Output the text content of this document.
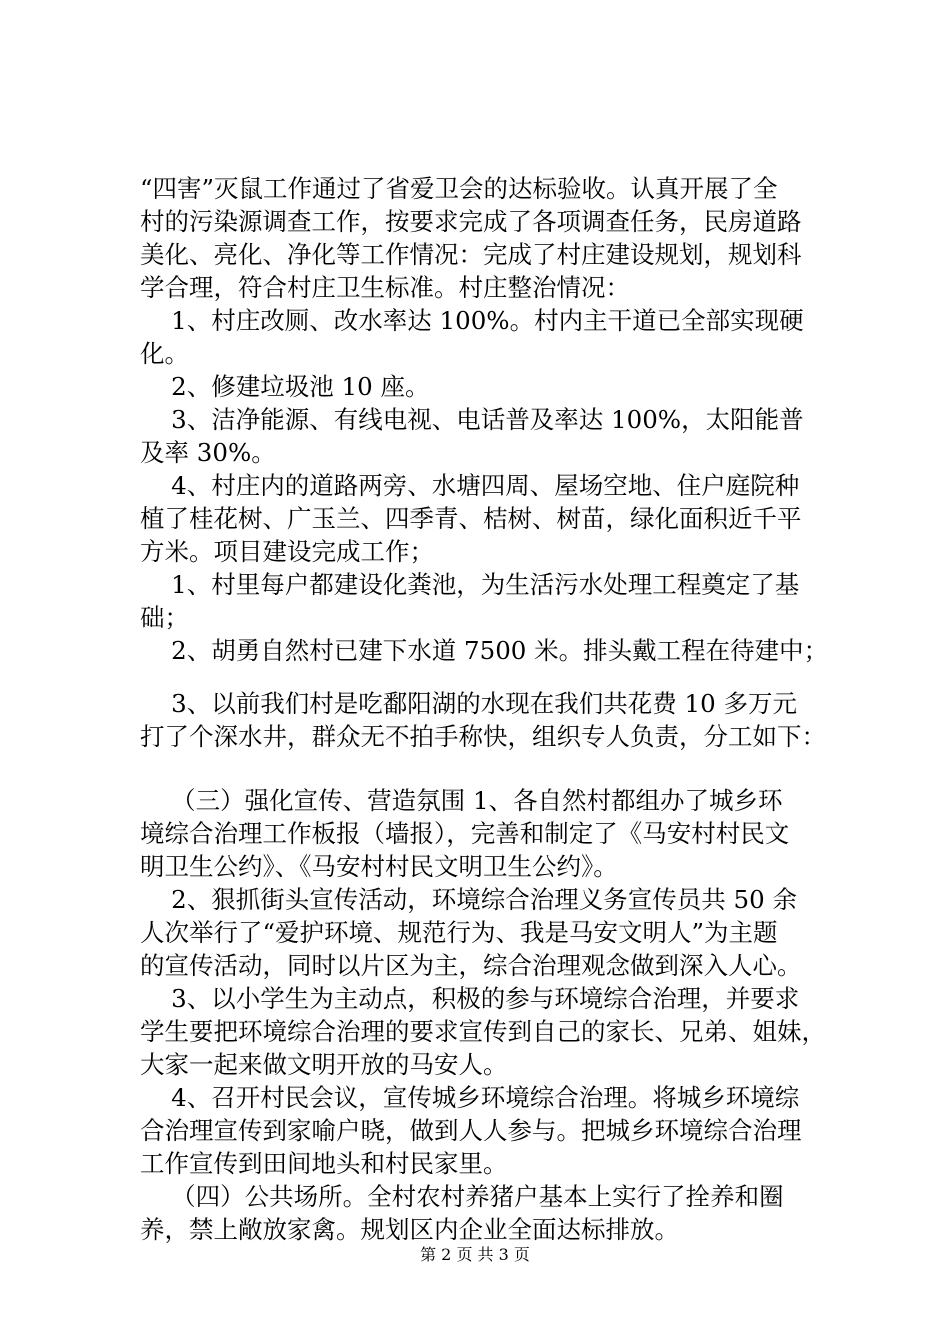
“四害”灭鼠工作通过了省爱卫会的达标验收。认真开展了全
村的污染源调查工作，按要求完成了各项调查任务，民房道路
美化、亮化、净化等工作情况：完成了村庄建设规划，规划科
学合理，符合村庄卫生标准。村庄整治情况：
1、村庄改厕、改水率达 100%。村内主干道已全部实现硬
化。
2、修建垃圾池 10 座。
3、洁净能源、有线电视、电话普及率达 100%，太阳能普
及率 30%。
4、村庄内的道路两旁、水塘四周、屋场空地、住户庭院种
植了桂花树、广玉兰、四季青、桔树、树苗，绿化面积近千平
方米。项目建设完成工作；
1、村里每户都建设化粪池，为生活污水处理工程奠定了基
础；
2、胡勇自然村已建下水道 7500 米。排头戴工程在待建中；
3、以前我们村是吃鄱阳湖的水现在我们共花费 10 多万元
打了个深水井，群众无不拍手称快，组织专人负责，分工如下：
（三）强化宣传、营造氛围 1、各自然村都组办了城乡环
境综合治理工作板报（墙报），完善和制定了《马安村村民文
明卫生公约》、《马安村村民文明卫生公约》。
2、狠抓街头宣传活动，环境综合治理义务宣传员共 50 余
人次举行了“爱护环境、规范行为、我是马安文明人”为主题
的宣传活动，同时以片区为主，综合治理观念做到深入人心。
3、以小学生为主动点，积极的参与环境综合治理，并要求
学生要把环境综合治理的要求宣传到自己的家长、兄弟、姐妹，
大家一起来做文明开放的马安人。
4、召开村民会议，宣传城乡环境综合治理。将城乡环境综
合治理宣传到家喻户晓，做到人人参与。把城乡环境综合治理
工作宣传到田间地头和村民家里。
（四）公共场所。全村农村养猪户基本上实行了拴养和圈
养，禁上敞放家禽。规划区内企业全面达标排放。
第 2 页 共 3 页
